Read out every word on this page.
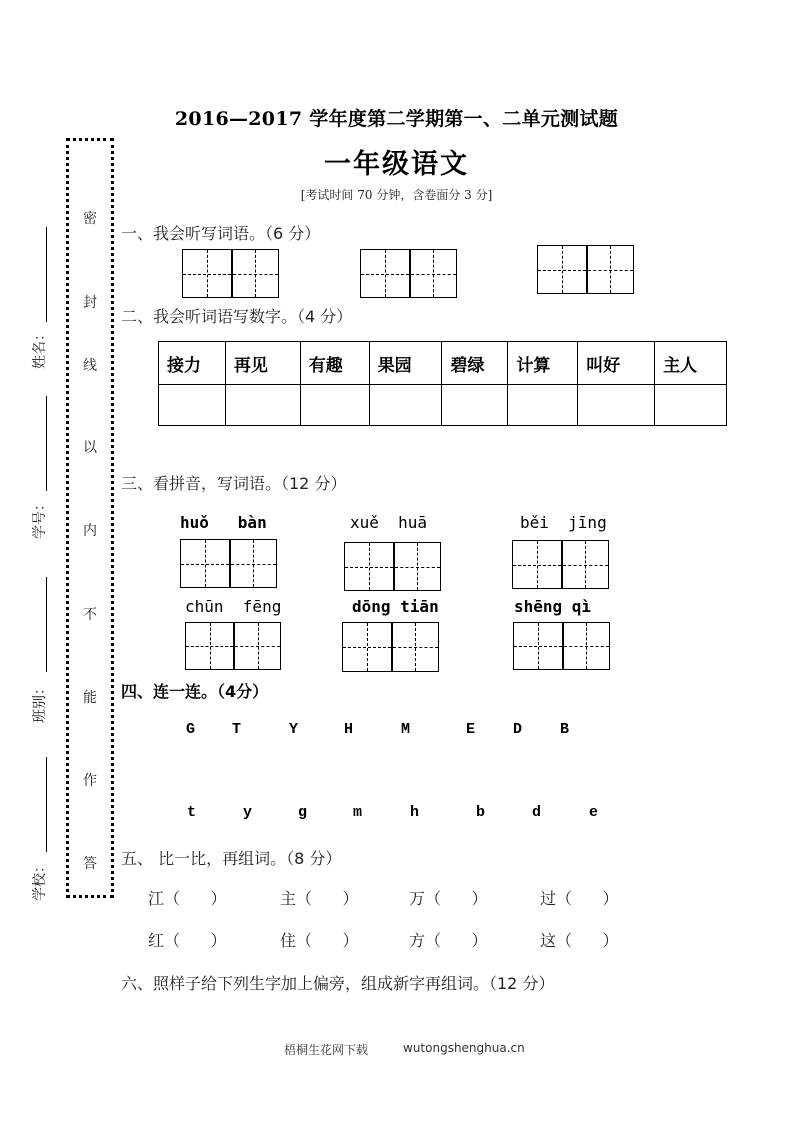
2016—2017 学年度第二学期第一、二单元测试题
一年级语文
[考试时间 70 分钟，含卷面分 3 分]
密
封
线
以
内
不
能
作
答
姓名：
学号：
班别：
学校：
一、我会听写词语。（6 分）
二、我会听词语写数字。（4 分）
接力	再见	有趣	果园	碧绿	计算	叫好	主人

三、看拼音，写词语。（12 分）
huǒ   bàn	xuě  huā	běi  jīng
chūn  fēng	dōng tiān	shēng qì
四、连一连。（4分）
G T	Y	H	M	E	D	B
t	y	g	m	h	b	d	e
五、 比一比，再组词。（8 分）
江（      ）	主（      ）	万（      ）	过（      ）
红（      ）	住（      ）	方（      ）	这（      ）
六、照样子给下列生字加上偏旁，组成新字再组词。（12 分）
梧桐生花网下载	wutongshenghua.cn
